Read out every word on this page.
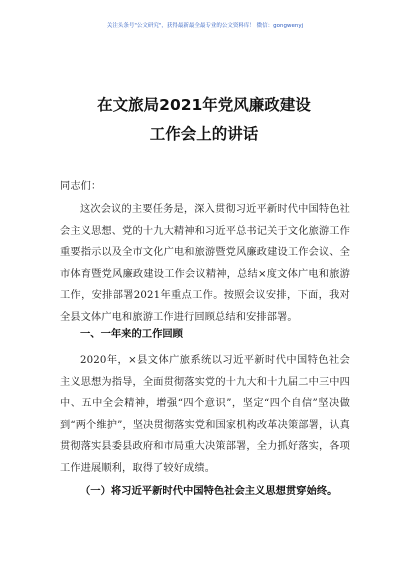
关注头条号"公文研究"，获得最新最全最专业的公文资料库！ 微信：gongwenyj
在文旅局2021年党风廉政建设
工作会上的讲话
同志们：
这次会议的主要任务是，深入贯彻习近平新时代中国特色社会主义思想、党的十九大精神和习近平总书记关于文化旅游工作重要指示以及全市文化广电和旅游暨党风廉政建设工作会议、全市体育暨党风廉政建设工作会议精神，总结×度文体广电和旅游工作，安排部署2021年重点工作。按照会议安排，下面，我对全县文体广电和旅游工作进行回顾总结和安排部署。
一、一年来的工作回顾
2020年，×县文体广旅系统以习近平新时代中国特色社会主义思想为指导，全面贯彻落实党的十九大和十九届二中三中四中、五中全会精神，增强“四个意识”，坚定“四个自信”坚决做到“两个维护”，坚决贯彻落实党和国家机构改革决策部署，认真贯彻落实县委县政府和市局重大决策部署，全力抓好落实，各项工作进展顺利，取得了较好成绩。
（一）将习近平新时代中国特色社会主义思想贯穿始终。
